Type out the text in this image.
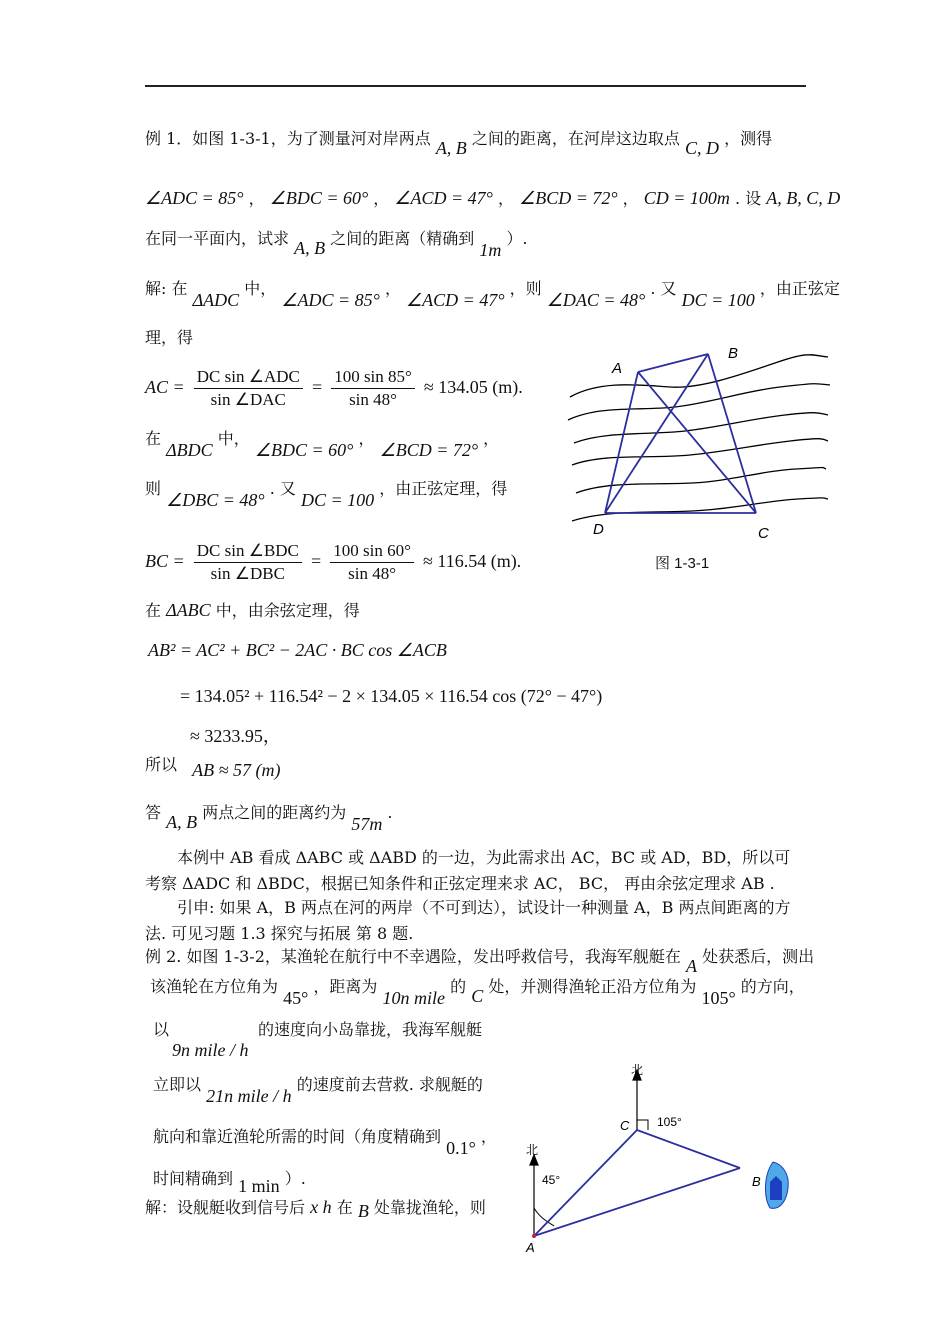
例 1．如图 1-3-1，为了测量河对岸两点 A, B 之间的距离，在河岸这边取点 C, D ，测得
∠ADC = 85° ， ∠BDC = 60° ， ∠ACD = 47° ， ∠BCD = 72° ， CD = 100m . 设 A, B, C, D
在同一平面内，试求 A, B 之间的距离（精确到 1m ）.
解: 在 ΔADC 中， ∠ADC = 85° ， ∠ACD = 47° ，则 ∠DAC = 48° . 又 DC = 100 ，由正弦定
理，得
AC = $\frac{\text{DC sin ∠ADC}}{\text{sin ∠DAC}} = \frac{100 \sin 85^\circ}{\sin 48^\circ} \approx 134.05$ (m).
在 ΔBDC 中， ∠BDC = 60° ， ∠BCD = 72° ，
则 ∠DBC = 48° . 又 DC = 100 ，由正弦定理，得
BC = $\frac{\text{DC sin ∠BDC}}{\text{sin ∠DBC}} = \frac{100 \sin 60^\circ}{\sin 48^\circ} \approx 116.54$ (m).
在 ΔABC 中，由余弦定理，得
AB² = AC² + BC² − 2AC · BC cos ∠ACB
= 134.05² + 116.54² − 2 × 134.05 × 116.54 cos (72° − 47°)
≈ 3233.95，
所以 AB ≈ 57 (m)
答 A, B 两点之间的距离约为 57m .
本例中 AB 看成 ΔABC 或 ΔABD 的一边，为此需求出 AC，BC 或 AD，BD，所以可
考察 ΔADC 和 ΔBDC，根据已知条件和正弦定理来求 AC， BC， 再由余弦定理求 AB .
引申: 如果 A，B 两点在河的两岸（不可到达），试设计一种测量 A，B 两点间距离的方
法. 可见习题 1.3 探究与拓展 第 8 题.
例 2. 如图 1-3-2，某渔轮在航行中不幸遇险，发出呼救信号，我海军舰艇在 A 处获悉后，测出
该渔轮在方位角为 45° ，距离为 10n mile 的 C 处，并测得渔轮正沿方位角为 105° 的方向，
以
9n mile / h
的速度向小岛靠拢，我海军舰艇
立即以 21n mile / h 的速度前去营救. 求舰艇的
航向和靠近渔轮所需的时间（角度精确到 0.1° ，
时间精确到 1 min ）.
解：设舰艇收到信号后 x h 在 B 处靠拢渔轮，则
A
B
C
D
图 1-3-1
北
北
105°
45°
A
B
C
